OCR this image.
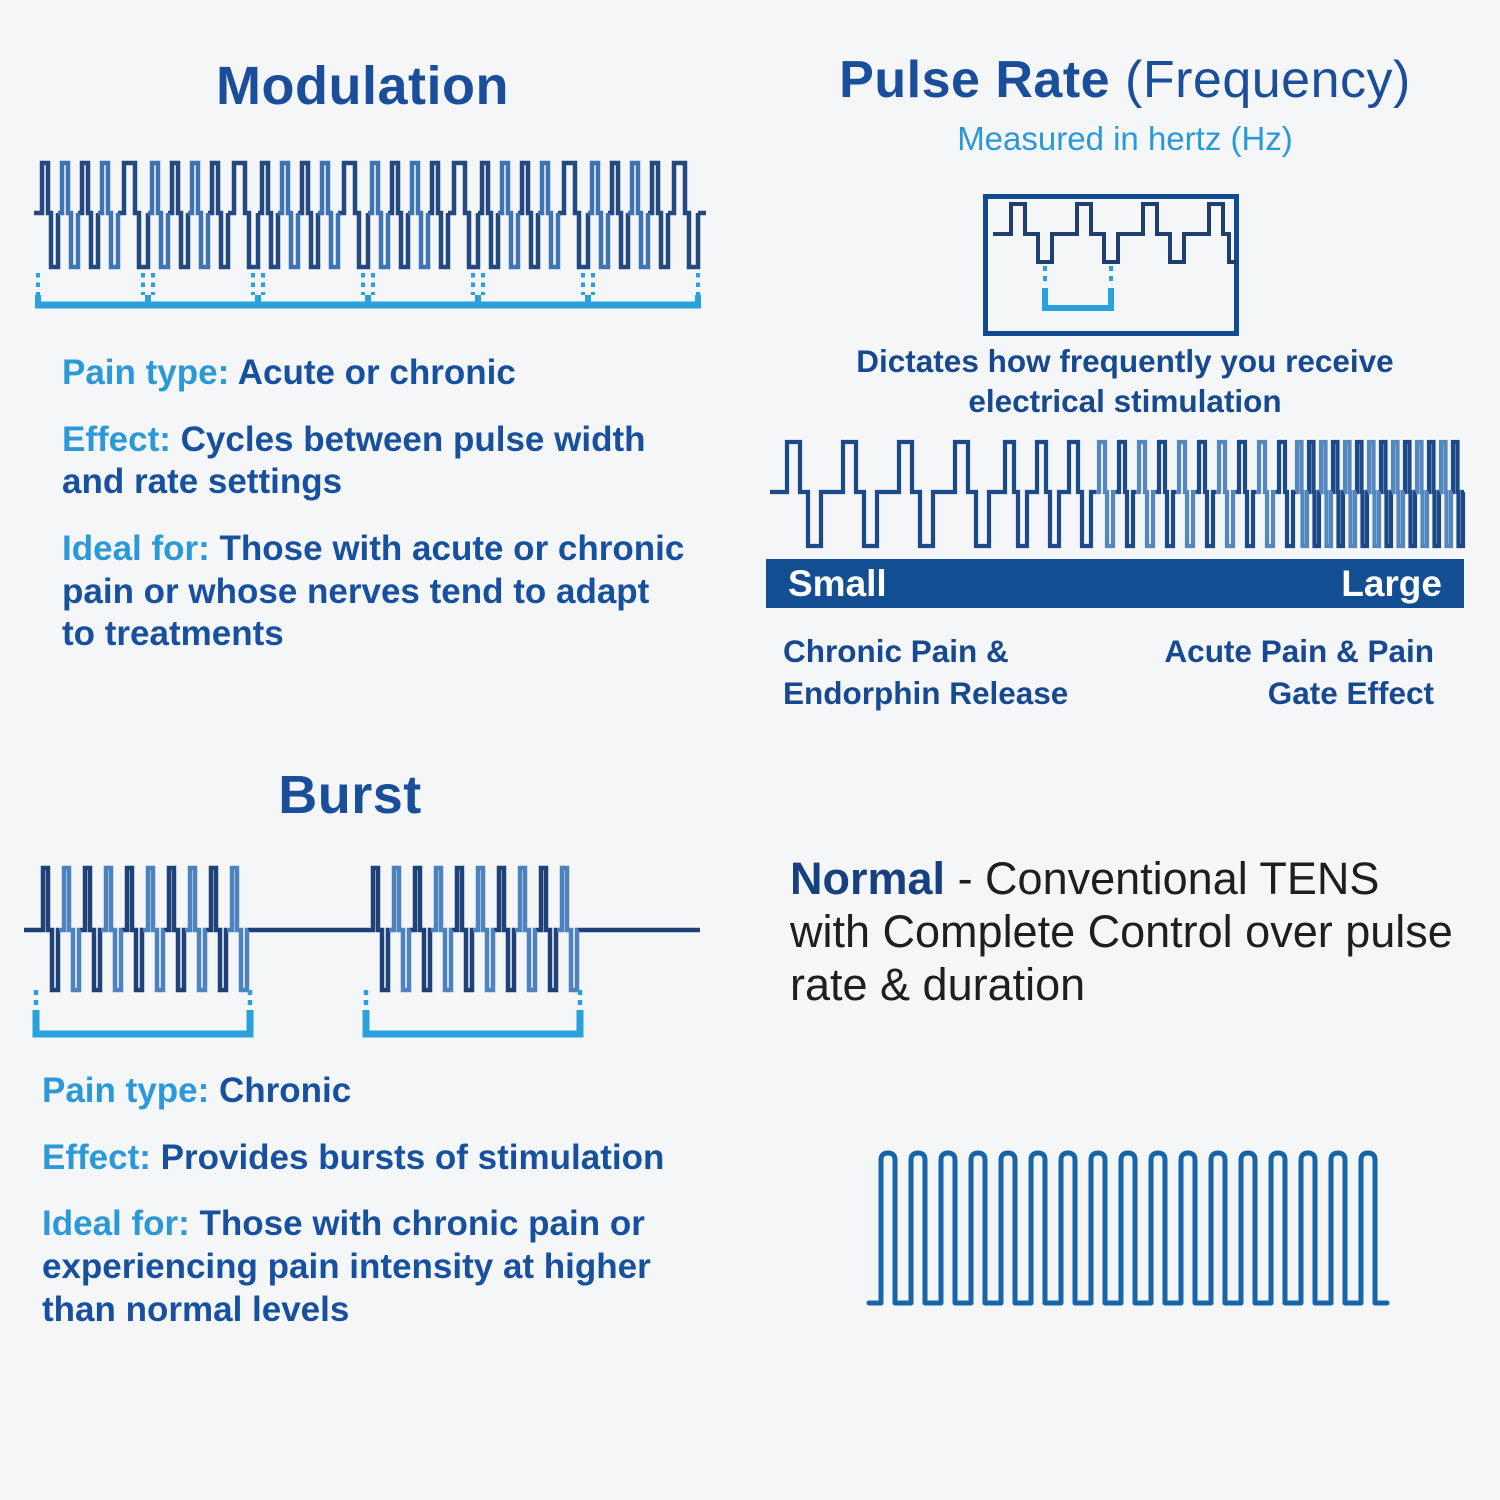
Modulation

Pain type: Acute or chronic

Effect: Cycles between pulse width and rate settings

Ideal for: Those with acute or chronic pain or whose nerves tend to adapt to treatments

Pulse Rate (Frequency)
Measured in hertz (Hz)
Dictates how frequently you receive electrical stimulation
Small	Large
Chronic Pain &
Endorphin Release
Acute Pain & Pain
Gate Effect
Burst

Pain type: Chronic

Effect: Provides bursts of stimulation

Ideal for: Those with chronic pain or experiencing pain intensity at higher than normal levels

Normal - Conventional TENS with Complete Control over pulse rate & duration
